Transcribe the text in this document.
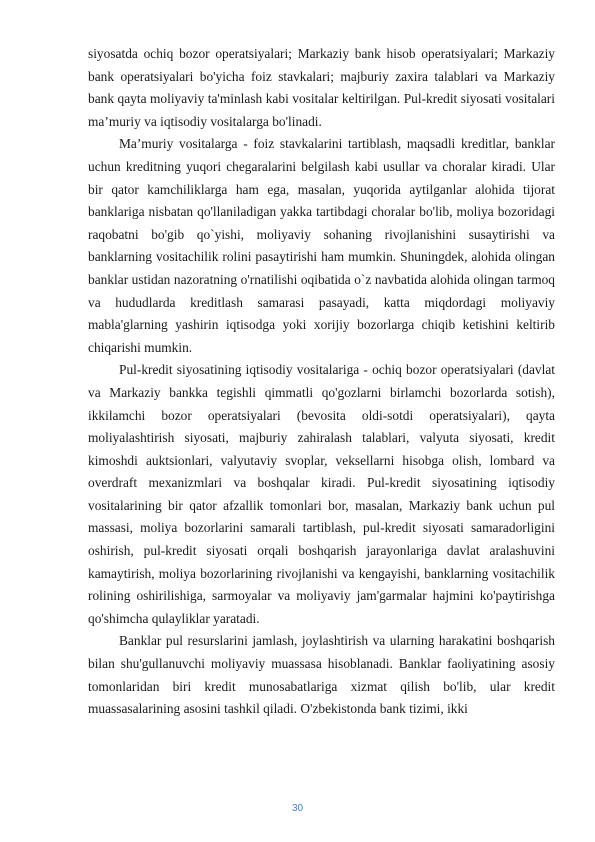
siyosatda ochiq bozor operatsiyalari; Markaziy bank hisob operatsiyalari; Markaziy bank operatsiyalari bo'yicha foiz stavkalari; majburiy zaxira talablari va Markaziy bank qayta moliyaviy ta'minlash kabi vositalar keltirilgan. Pul-kredit siyosati vositalari maʼmuriy va iqtisodiy vositalarga bo'linadi.

Maʼmuriy vositalarga - foiz stavkalarini tartiblash, maqsadli kreditlar, banklar uchun kreditning yuqori chegaralarini belgilash kabi usullar va choralar kiradi. Ular bir qator kamchiliklarga ham ega, masalan, yuqorida aytilganlar alohida tijorat banklariga nisbatan qo'llaniladigan yakka tartibdagi choralar bo'lib, moliya bozoridagi raqobatni bo'gib qo`yishi, moliyaviy sohaning rivojlanishini susaytirishi va banklarning vositachilik rolini pasaytirishi ham mumkin. Shuningdek, alohida olingan banklar ustidan nazoratning o'rnatilishi oqibatida o`z navbatida alohida olingan tarmoq va hududlarda kreditlash samarasi pasayadi, katta miqdordagi moliyaviy mabla'glarning yashirin iqtisodga yoki xorijiy bozorlarga chiqib ketishini keltirib chiqarishi mumkin.

Pul-kredit siyosatining iqtisodiy vositalariga - ochiq bozor operatsiyalari (davlat va Markaziy bankka tegishli qimmatli qo'gozlarni birlamchi bozorlarda sotish), ikkilamchi bozor operatsiyalari (bevosita oldi-sotdi operatsiyalari), qayta moliyalashtirish siyosati, majburiy zahiralash talablari, valyuta siyosati, kredit kimoshdi auktsionlari, valyutaviy svoplar, veksellarni hisobga olish, lombard va overdraft mexanizmlari va boshqalar kiradi. Pul-kredit siyosatining iqtisodiy vositalarining bir qator afzallik tomonlari bor, masalan, Markaziy bank uchun pul massasi, moliya bozorlarini samarali tartiblash, pul-kredit siyosati samaradorligini oshirish, pul-kredit siyosati orqali boshqarish jarayonlariga davlat aralashuvini kamaytirish, moliya bozorlarining rivojlanishi va kengayishi, banklarning vositachilik rolining oshirilishiga, sarmoyalar va moliyaviy jam'garmalar hajmini ko'paytirishga qo'shimcha qulayliklar yaratadi.

Banklar pul resurslarini jamlash, joylashtirish va ularning harakatini boshqarish bilan shu'gullanuvchi moliyaviy muassasa hisoblanadi. Banklar faoliyatining asosiy tomonlaridan biri kredit munosabatlariga xizmat qilish bo'lib, ular kredit muassasalarining asosini tashkil qiladi. O'zbekistonda bank tizimi, ikki

30
